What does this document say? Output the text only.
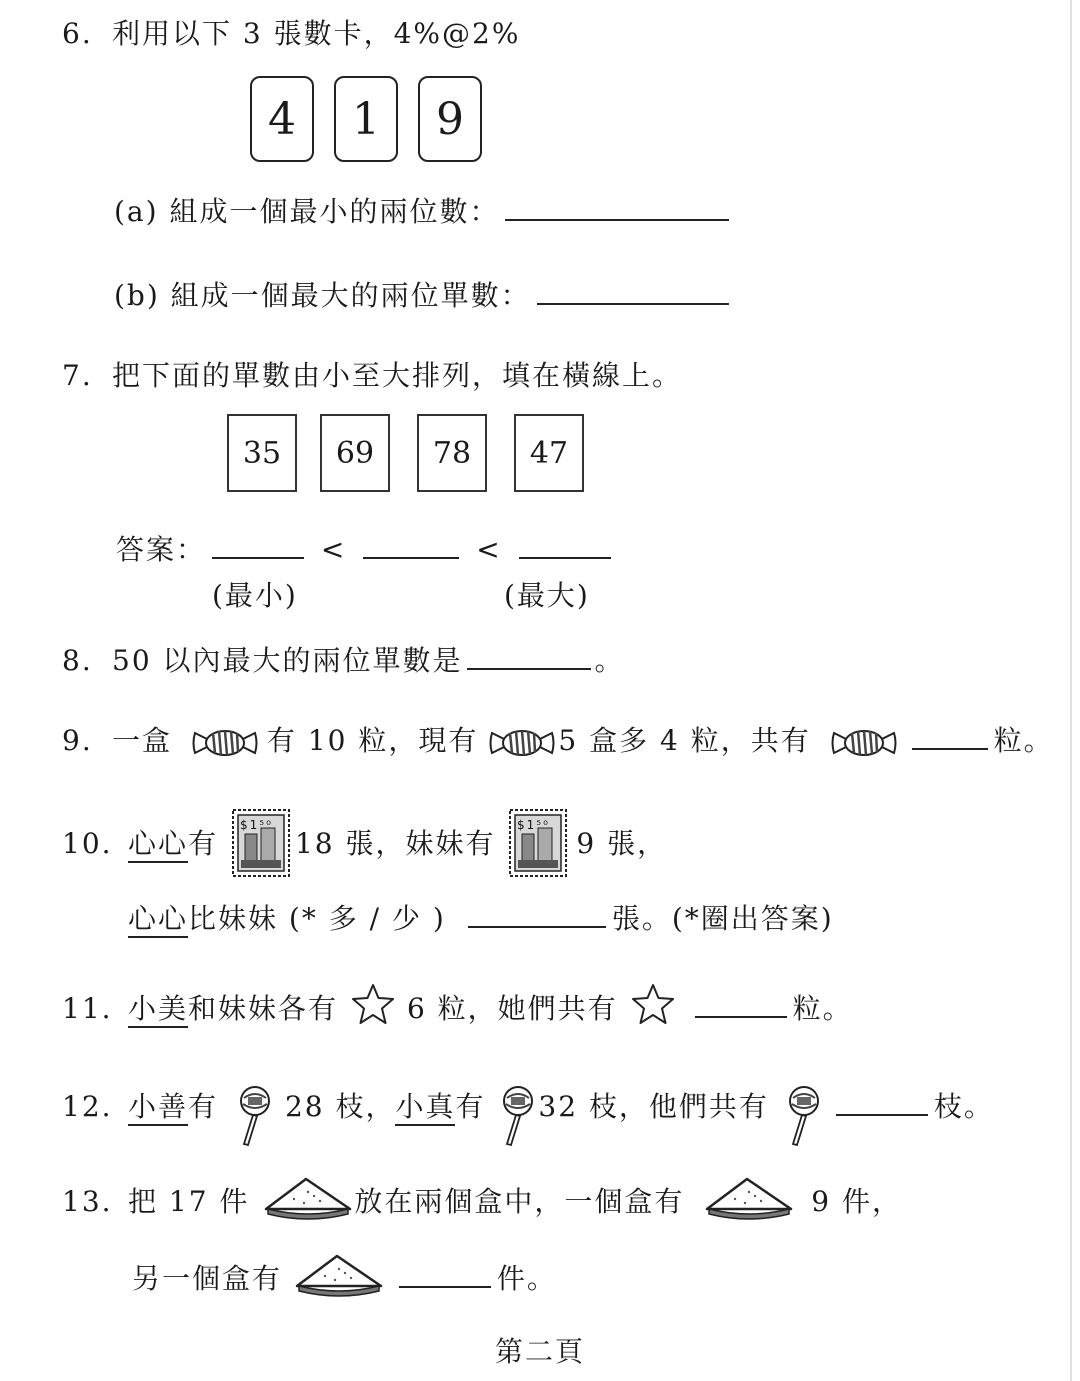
6. 利用以下 3 張數卡，4%@2%
4	1	9
(a) 組成一個最小的兩位數：
(b) 組成一個最大的兩位單數：
7. 把下面的單數由小至大排列，填在橫線上。
35	69	78	47
答案：	<	<
(最小)	(最大)
8. 50 以內最大的兩位單數是	。
9. 一盒	有 10 粒，現有	5 盒多 4 粒，共有	粒。
10. 心心有	18 張，妹妹有	9 張，
心心比妹妹 (* 多 / 少 )	張。(*圈出答案)
11. 小美和妹妹各有 6 粒，她們共有	粒。
12. 小善有 28 枝，小真有 32 枝，他們共有	枝。
13. 把 17 件	放在兩個盒中，一個盒有	9 件，
另一個盒有	件。
第二頁
